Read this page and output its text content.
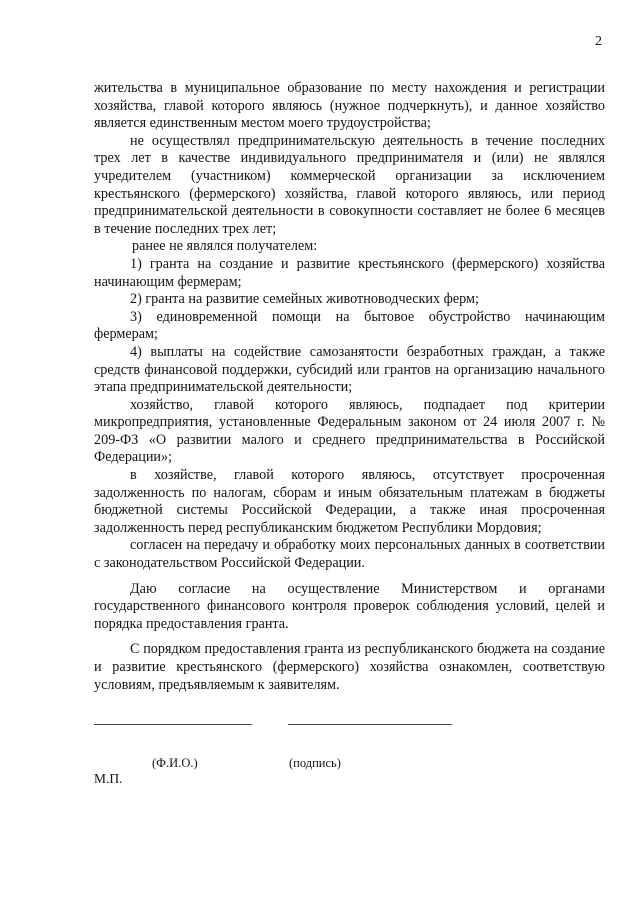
2

жительства в муниципальное образование по месту нахождения и регистрации хозяйства, главой которого являюсь (нужное подчеркнуть), и данное хозяйство является единственным местом моего трудоустройства;

не осуществлял предпринимательскую деятельность в течение последних трех лет в качестве индивидуального предпринимателя и (или) не являлся учредителем (участником) коммерческой организации за исключением крестьянского (фермерского) хозяйства, главой которого являюсь, или период предпринимательской деятельности в совокупности составляет не более 6 месяцев в течение последних трех лет;

ранее не являлся получателем:

1) гранта на создание и развитие крестьянского (фермерского) хозяйства начинающим фермерам;

2) гранта на развитие семейных животноводческих ферм;

3) единовременной помощи на бытовое обустройство начинающим фермерам;

4) выплаты на содействие самозанятости безработных граждан, а также средств финансовой поддержки, субсидий или грантов на организацию начального этапа предпринимательской деятельности;

хозяйство, главой которого являюсь, подпадает под критерии микропредприятия, установленные Федеральным законом от 24 июля 2007 г. № 209-ФЗ «О развитии малого и среднего предпринимательства в Российской Федерации»;

в хозяйстве, главой которого являюсь, отсутствует просроченная задолженность по налогам, сборам и иным обязательным платежам в бюджеты бюджетной системы Российской Федерации, а также иная просроченная задолженность перед республиканским бюджетом Республики Мордовия;

согласен на передачу и обработку моих персональных данных в соответствии с законодательством Российской Федерации.

Даю согласие на осуществление Министерством и органами государственного финансового контроля проверок соблюдения условий, целей и порядка предоставления гранта.

С порядком предоставления гранта из республиканского бюджета на создание и развитие крестьянского (фермерского) хозяйства ознакомлен, соответствую условиям, предъявляемым к заявителям.

(Ф.И.О.)	(подпись)
М.П.
